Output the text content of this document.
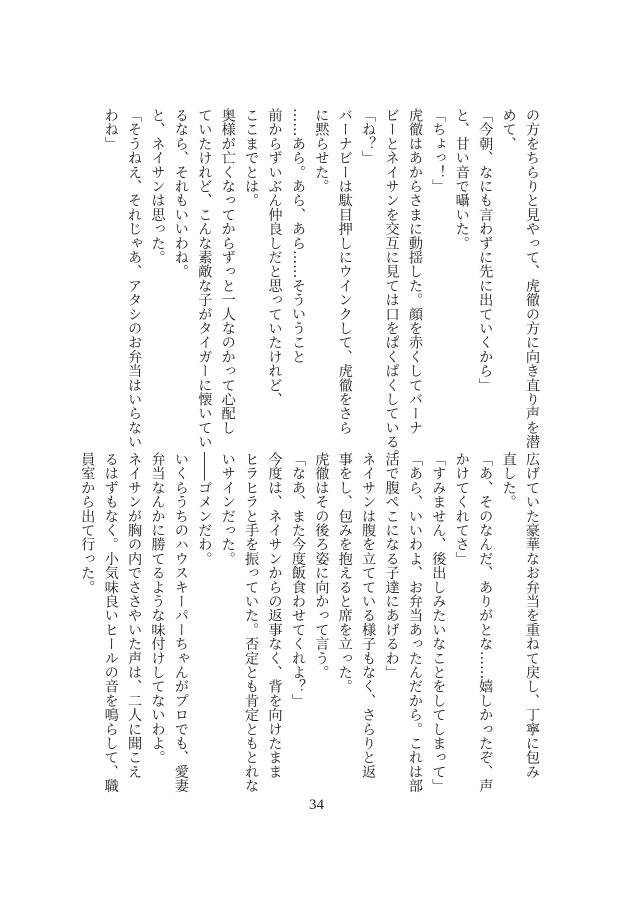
の方をちらりと見やって、虎徹の方に向き直り声を潜

めて、

「今朝、なにも言わずに先に出ていくから」

と、甘い音で囁いた。

「ちょっ！」

虎徹はあからさまに動揺した。顔を赤くしてバーナ

ビーとネイサンを交互に見ては口をぱくぱくしている。

「ね？」

バーナビーは駄目押しにウインクして、虎徹をさら

に黙らせた。

……あら。あら、あら……そういうこと

前からずいぶん仲良しだと思っていたけれど、

ここまでとは。

奥様が亡くなってからずっと一人なのかって心配し

ていたけれど、こんな素敵な子がタイガーに懐いてい

るなら、それもいいわね。

と、ネイサンは思った。

「そうねえ、それじゃあ、アタシのお弁当はいらない

わね」

広げていた豪華なお弁当を重ねて戻し、丁寧に包み

直した。

「あ、そのなんだ、ありがとな……嬉しかったぞ、声

かけてくれてさ」

「すみません、後出しみたいなことをしてしまって」

「あら、いいわよ、お弁当あったんだから。これは部

活で腹ぺこになる子達にあげるわ」

ネイサンは腹を立てている様子もなく、さらりと返

事をし、包みを抱えると席を立った。

虎徹はその後ろ姿に向かって言う。

「なあ、また今度飯食わせてくれよ？」

今度は、ネイサンからの返事なく、背を向けたまま

ヒラヒラと手を振っていた。否定とも肯定ともとれな

いサインだった。

――ゴメンだわ。

いくらうちのハウスキーパーちゃんがプロでも、愛妻

弁当なんかに勝てるような味付けしてないわよ。

ネイサンが胸の内でささやいた声は、二人に聞こえ

るはずもなく。小気味良いヒールの音を鳴らして、職

員室から出て行った。

34
